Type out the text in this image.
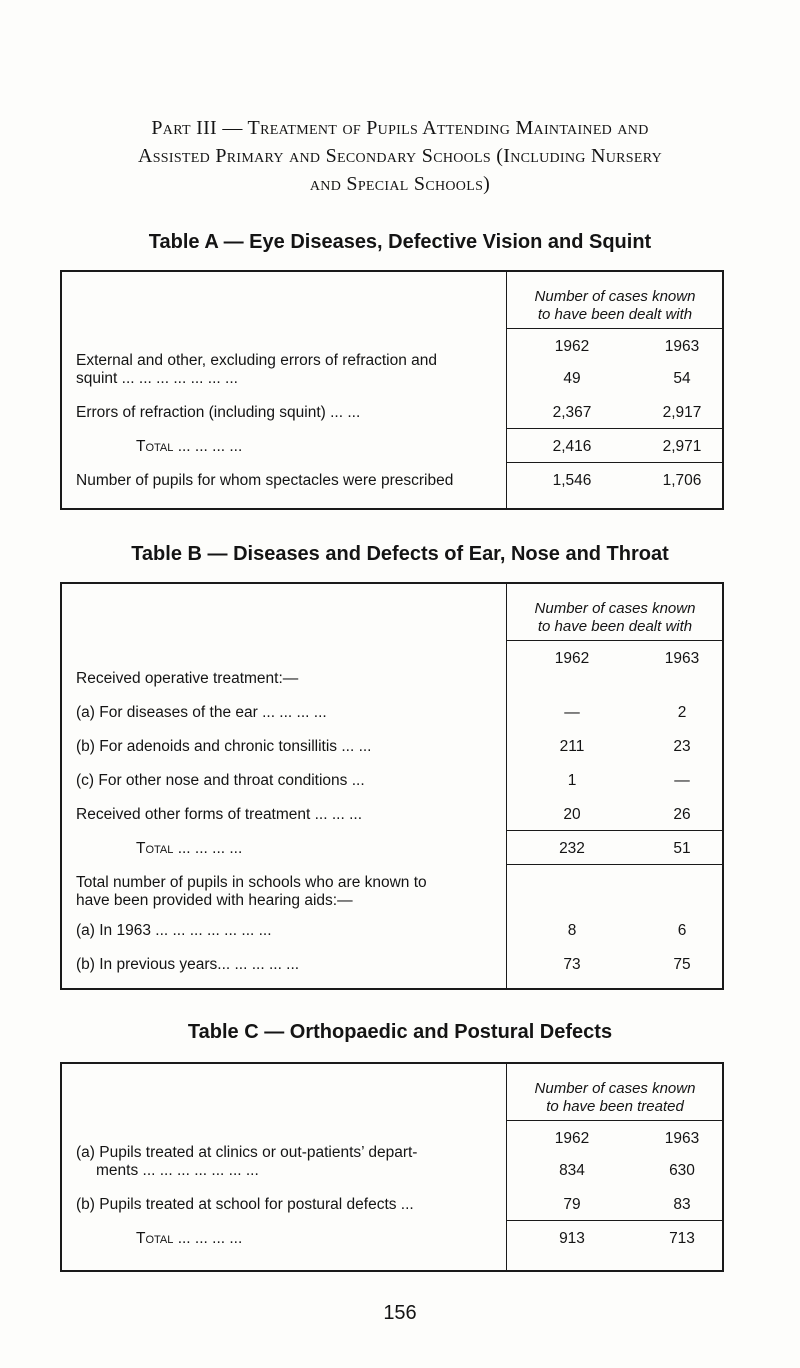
Part III — Treatment of Pupils Attending Maintained and
Assisted Primary and Secondary Schools (Including Nursery
and Special Schools)
Table A — Eye Diseases, Defective Vision and Squint
Number of cases known
to have been dealt with
1962	1963
External and other, excluding errors of refraction and
squint ... ... ... ... ... ... ...	49	54
Errors of refraction (including squint) ... ...	2,367	2,917
Total ... ... ... ...	2,416	2,971
Number of pupils for whom spectacles were prescribed	1,546	1,706
Table B — Diseases and Defects of Ear, Nose and Throat
Number of cases known
to have been dealt with
1962	1963
Received operative treatment:—
(a) For diseases of the ear ... ... ... ...	—	2
(b) For adenoids and chronic tonsillitis ... ...	211	23
(c) For other nose and throat conditions ...	1	—
Received other forms of treatment ... ... ...	20	26
Total ... ... ... ...	232	51
Total number of pupils in schools who are known to
have been provided with hearing aids:—
(a) In 1963 ... ... ... ... ... ... ...	8	6
(b) In previous years... ... ... ... ...	73	75
Table C — Orthopaedic and Postural Defects
Number of cases known
to have been treated
1962	1963
(a) Pupils treated at clinics or out-patients’ depart-
ments ... ... ... ... ... ... ...	834	630
(b) Pupils treated at school for postural defects ...	79	83
Total ... ... ... ...	913	713
156
